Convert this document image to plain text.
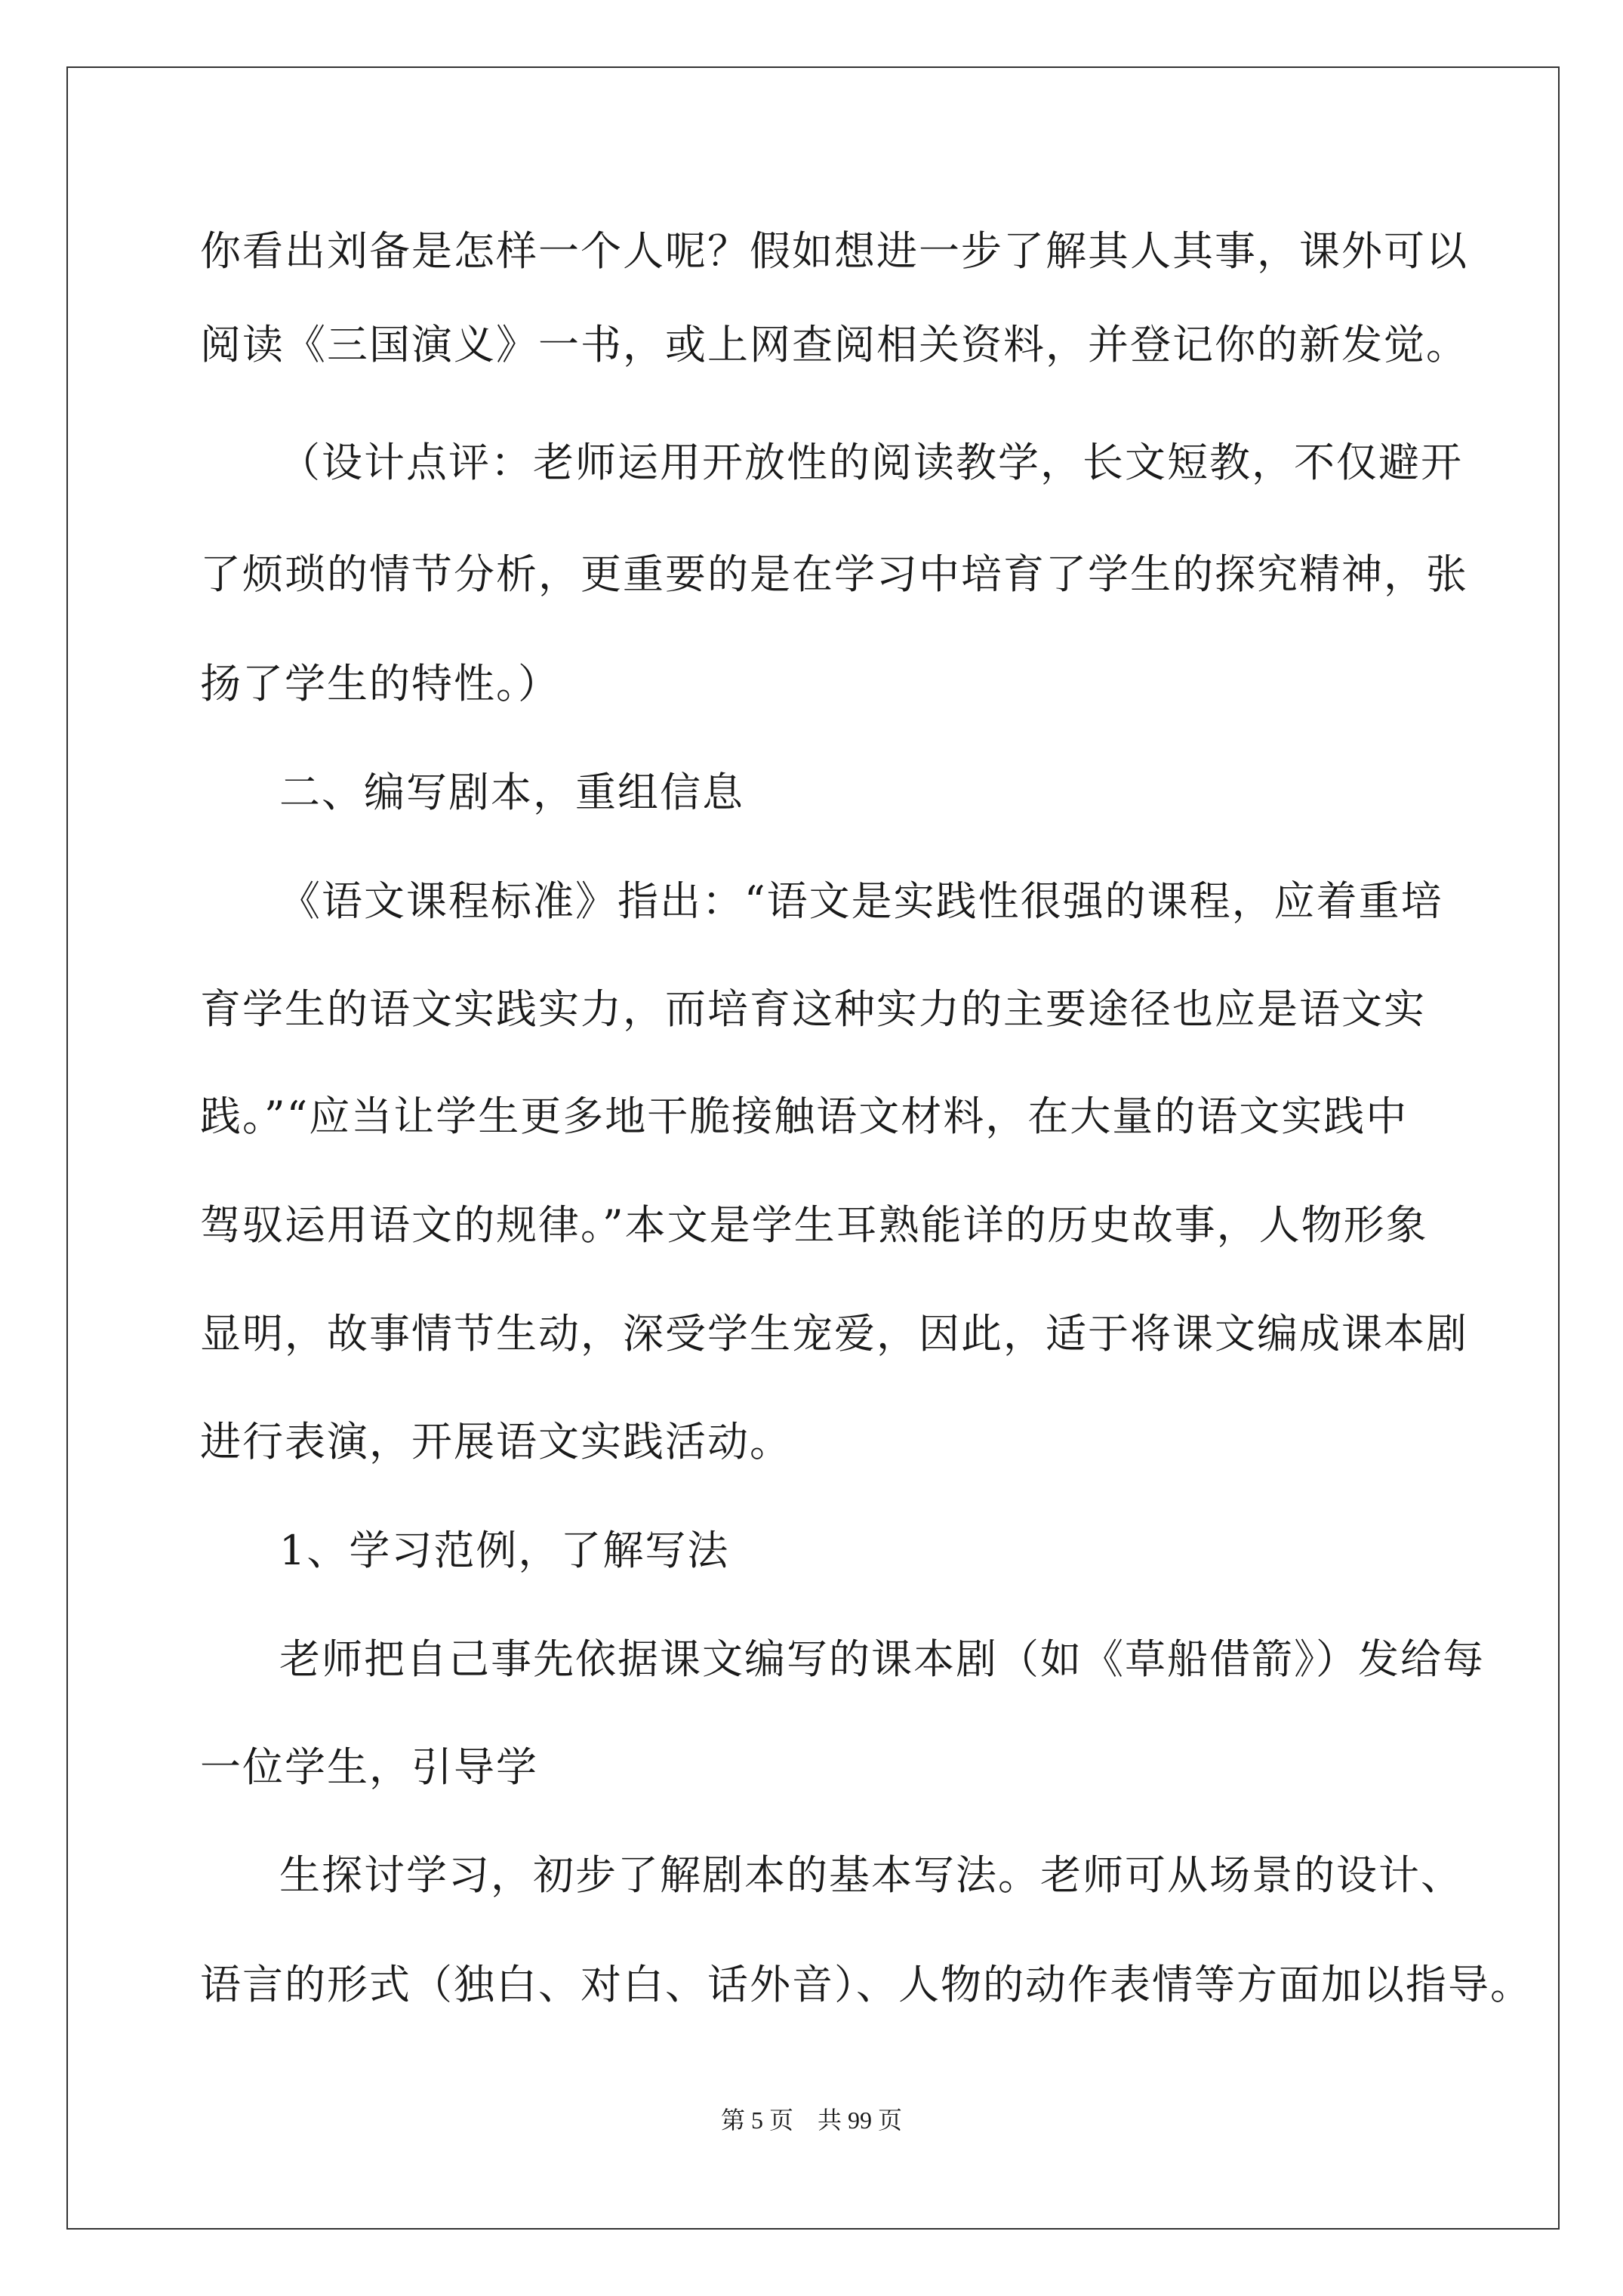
你看出刘备是怎样一个人呢？假如想进一步了解其人其事，课外可以
阅读《三国演义》一书，或上网查阅相关资料，并登记你的新发觉。
（设计点评：老师运用开放性的阅读教学，长文短教，不仅避开
了烦琐的情节分析，更重要的是在学习中培育了学生的探究精神，张
扬了学生的特性。）
二、编写剧本，重组信息
《语文课程标准》指出：“语文是实践性很强的课程，应着重培
育学生的语文实践实力，而培育这种实力的主要途径也应是语文实
践。”“应当让学生更多地干脆接触语文材料，在大量的语文实践中
驾驭运用语文的规律。”本文是学生耳熟能详的历史故事，人物形象
显明，故事情节生动，深受学生宠爱，因此，适于将课文编成课本剧
进行表演，开展语文实践活动。
1、学习范例，了解写法
老师把自己事先依据课文编写的课本剧（如《草船借箭》）发给每
一位学生，引导学
生探讨学习，初步了解剧本的基本写法。老师可从场景的设计、
语言的形式（独白、对白、话外音）、人物的动作表情等方面加以指导。
第 5 页 共 99 页
